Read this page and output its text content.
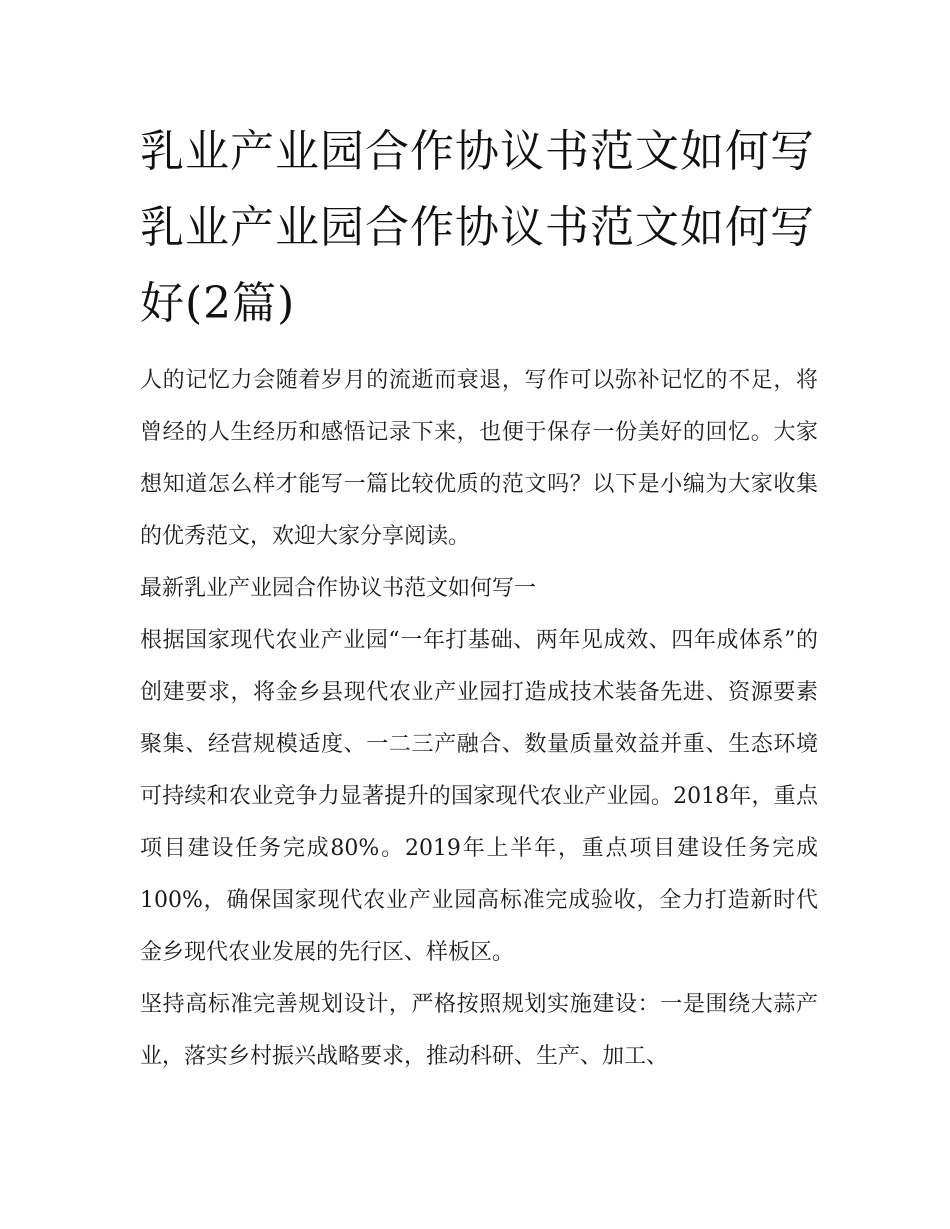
乳业产业园合作协议书范文如何写 乳业产业园合作协议书范文如何写好(2篇)

人的记忆力会随着岁月的流逝而衰退，写作可以弥补记忆的不足，将曾经的人生经历和感悟记录下来，也便于保存一份美好的回忆。大家想知道怎么样才能写一篇比较优质的范文吗？以下是小编为大家收集的优秀范文，欢迎大家分享阅读。

最新乳业产业园合作协议书范文如何写一

根据国家现代农业产业园“一年打基础、两年见成效、四年成体系”的创建要求，将金乡县现代农业产业园打造成技术装备先进、资源要素聚集、经营规模适度、一二三产融合、数量质量效益并重、生态环境可持续和农业竞争力显著提升的国家现代农业产业园。2018年，重点项目建设任务完成80%。2019年上半年，重点项目建设任务完成100%，确保国家现代农业产业园高标准完成验收，全力打造新时代金乡现代农业发展的先行区、样板区。

坚持高标准完善规划设计，严格按照规划实施建设：一是围绕大蒜产业，落实乡村振兴战略要求，推动科研、生产、加工、
